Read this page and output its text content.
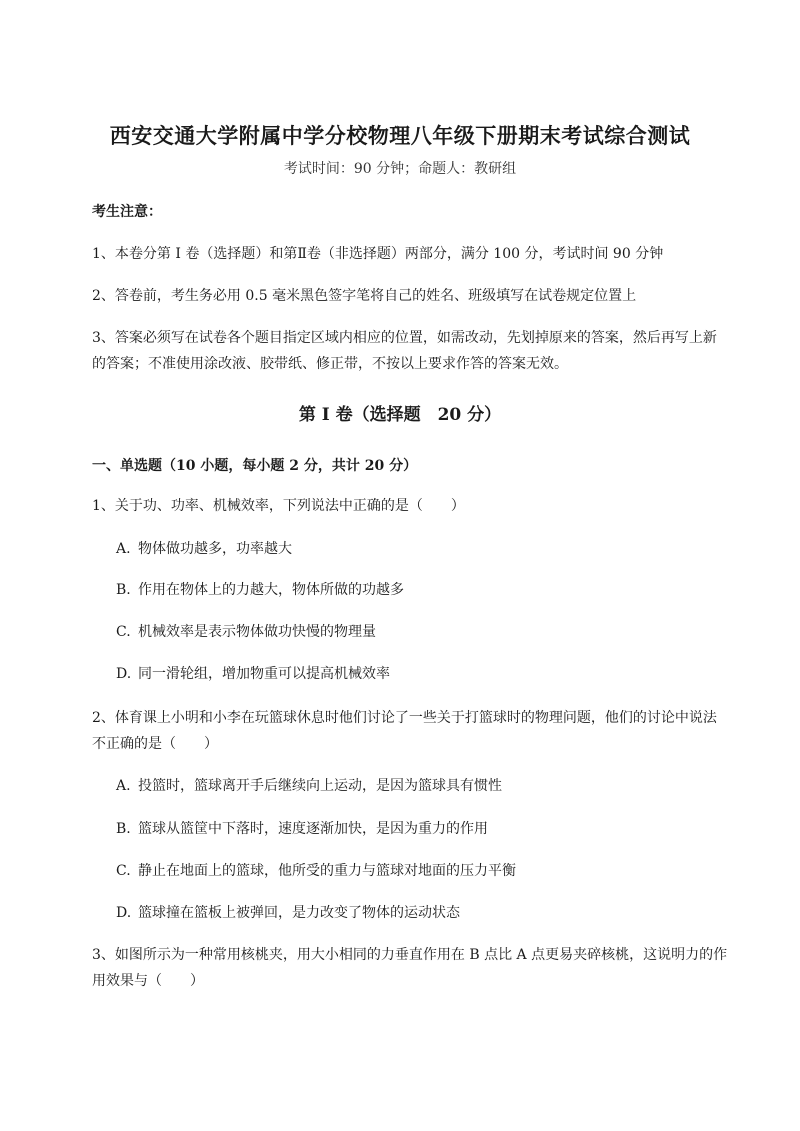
西安交通大学附属中学分校物理八年级下册期末考试综合测试
考试时间：90 分钟；命题人：教研组
考生注意：
1、本卷分第 I 卷（选择题）和第Ⅱ卷（非选择题）两部分，满分 100 分，考试时间 90 分钟
2、答卷前，考生务必用 0.5 毫米黑色签字笔将自己的姓名、班级填写在试卷规定位置上
3、答案必须写在试卷各个题目指定区域内相应的位置，如需改动，先划掉原来的答案，然后再写上新
的答案；不准使用涂改液、胶带纸、修正带，不按以上要求作答的答案无效。
第 I 卷（选择题　20 分）
一、单选题（10 小题，每小题 2 分，共计 20 分）
1、关于功、功率、机械效率，下列说法中正确的是（　　）
A. 物体做功越多，功率越大
B. 作用在物体上的力越大，物体所做的功越多
C. 机械效率是表示物体做功快慢的物理量
D. 同一滑轮组，增加物重可以提高机械效率
2、体育课上小明和小李在玩篮球休息时他们讨论了一些关于打篮球时的物理问题，他们的讨论中说法
不正确的是（　　）
A. 投篮时，篮球离开手后继续向上运动，是因为篮球具有惯性
B. 篮球从篮筐中下落时，速度逐渐加快，是因为重力的作用
C. 静止在地面上的篮球，他所受的重力与篮球对地面的压力平衡
D. 篮球撞在篮板上被弹回，是力改变了物体的运动状态
3、如图所示为一种常用核桃夹，用大小相同的力垂直作用在 B 点比 A 点更易夹碎核桃，这说明力的作
用效果与（　　）
